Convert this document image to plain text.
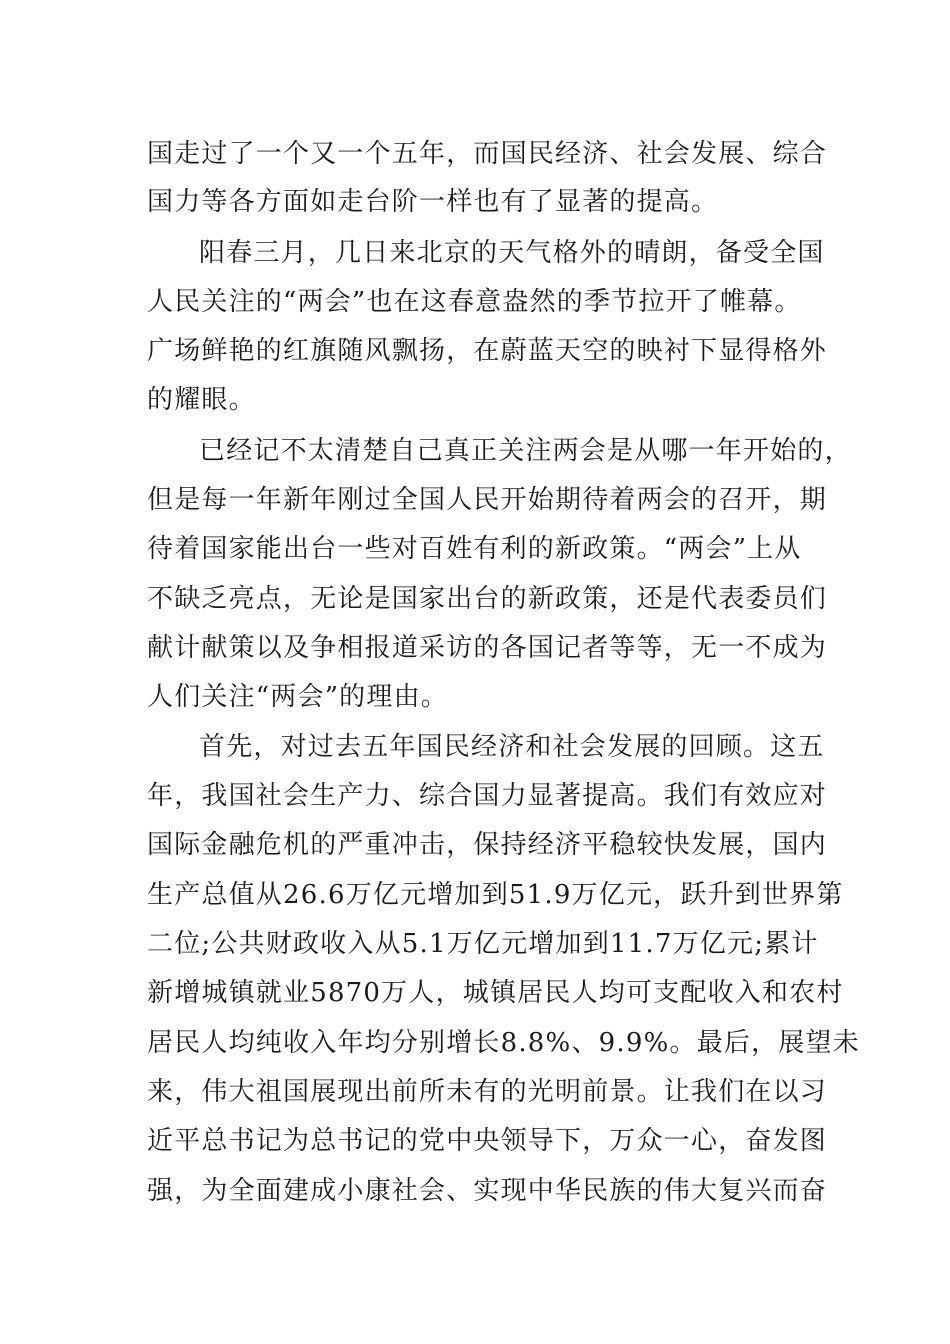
国走过了一个又一个五年，而国民经济、社会发展、综合
国力等各方面如走台阶一样也有了显著的提高。
阳春三月，几日来北京的天气格外的晴朗，备受全国
人民关注的“两会”也在这春意盎然的季节拉开了帷幕。
广场鲜艳的红旗随风飘扬，在蔚蓝天空的映衬下显得格外
的耀眼。
已经记不太清楚自己真正关注两会是从哪一年开始的，
但是每一年新年刚过全国人民开始期待着两会的召开，期
待着国家能出台一些对百姓有利的新政策。“两会”上从
不缺乏亮点，无论是国家出台的新政策，还是代表委员们
献计献策以及争相报道采访的各国记者等等，无一不成为
人们关注“两会”的理由。
首先，对过去五年国民经济和社会发展的回顾。这五
年，我国社会生产力、综合国力显著提高。我们有效应对
国际金融危机的严重冲击，保持经济平稳较快发展，国内
生产总值从26.6万亿元增加到51.9万亿元，跃升到世界第
二位;公共财政收入从5.1万亿元增加到11.7万亿元;累计
新增城镇就业5870万人，城镇居民人均可支配收入和农村
居民人均纯收入年均分别增长8.8%、9.9%。最后，展望未
来，伟大祖国展现出前所未有的光明前景。让我们在以习
近平总书记为总书记的党中央领导下，万众一心，奋发图
强，为全面建成小康社会、实现中华民族的伟大复兴而奋
